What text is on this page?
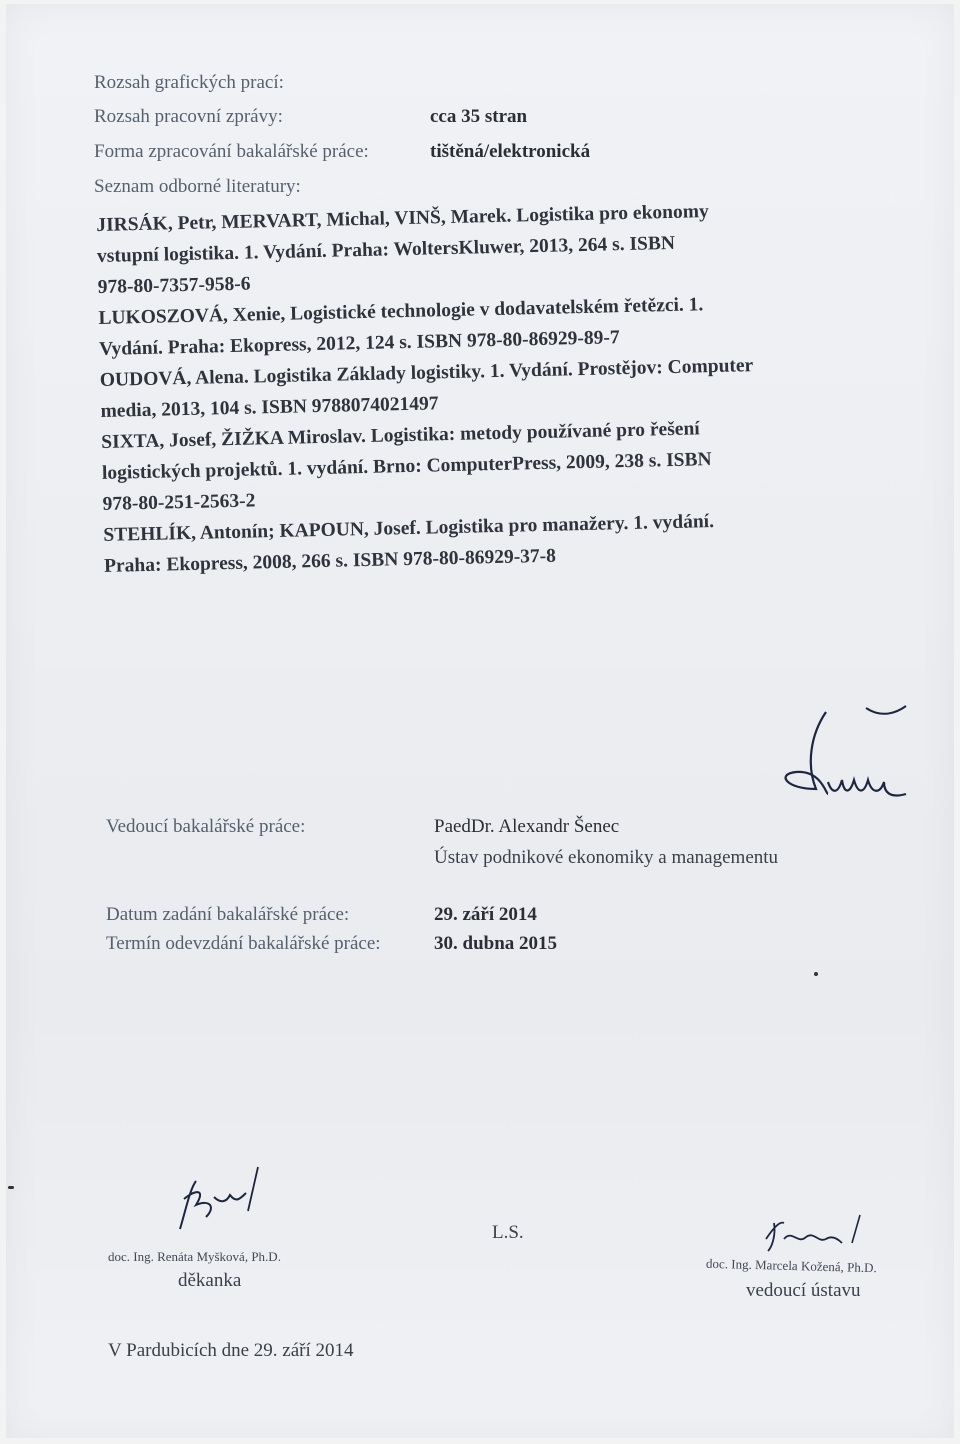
Rozsah grafických prací:
Rozsah pracovní zprávy:	cca 35 stran
Forma zpracování bakalářské práce:	tištěná/elektronická
Seznam odborné literatury:

JIRSÁK, Petr, MERVART, Michal, VINŠ, Marek. Logistika pro ekonomy

vstupní logistika. 1. Vydání. Praha: WoltersKluwer, 2013, 264 s. ISBN

978-80-7357-958-6

LUKOSZOVÁ, Xenie, Logistické technologie v dodavatelském řetězci. 1.

Vydání. Praha: Ekopress, 2012, 124 s. ISBN 978-80-86929-89-7

OUDOVÁ, Alena. Logistika Základy logistiky. 1. Vydání. Prostějov: Computer

media, 2013, 104 s. ISBN 9788074021497

SIXTA, Josef, ŽIŽKA Miroslav. Logistika: metody používané pro řešení

logistických projektů. 1. vydání. Brno: ComputerPress, 2009, 238 s. ISBN

978-80-251-2563-2

STEHLÍK, Antonín; KAPOUN, Josef. Logistika pro manažery. 1. vydání.

Praha: Ekopress, 2008, 266 s. ISBN 978-80-86929-37-8

Vedoucí bakalářské práce:	PaedDr. Alexandr Šenec
Ústav podnikové ekonomiky a managementu
Datum zadání bakalářské práce:	29. září 2014
Termín odevzdání bakalářské práce:	30. dubna 2015
doc. Ing. Renáta Myšková, Ph.D.
děkanka
L.S.
doc. Ing. Marcela Kožená, Ph.D.
vedoucí ústavu
V Pardubicích dne 29. září 2014
